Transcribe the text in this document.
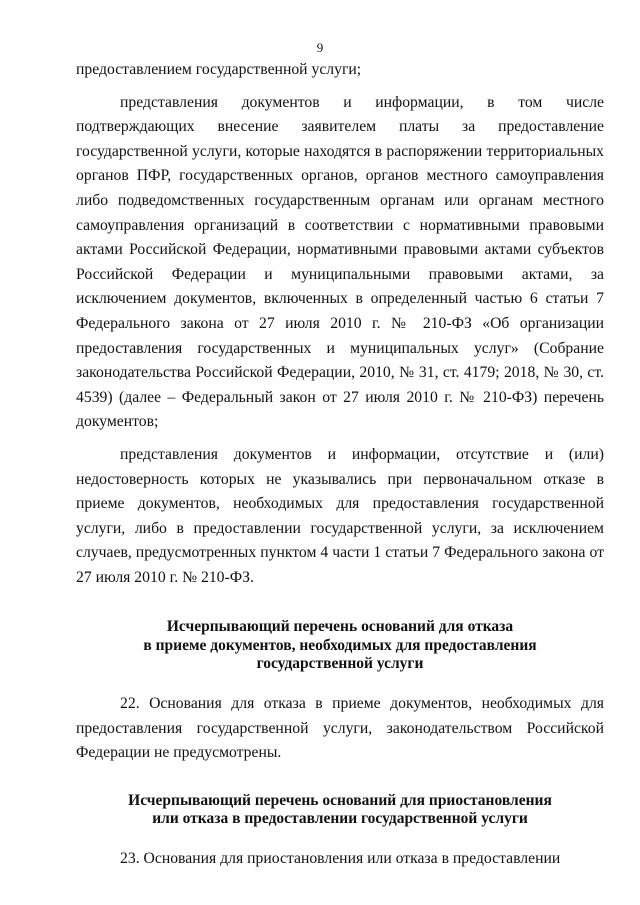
9

предоставлением государственной услуги;

представления документов и информации, в том числе подтверждающих внесение заявителем платы за предоставление государственной услуги, которые находятся в распоряжении территориальных органов ПФР, государственных органов, органов местного самоуправления либо подведомственных государственным органам или органам местного самоуправления организаций в соответствии с нормативными правовыми актами Российской Федерации, нормативными правовыми актами субъектов Российской Федерации и муниципальными правовыми актами, за исключением документов, включенных в определенный частью 6 статьи 7 Федерального закона от 27 июля 2010 г. № 210-ФЗ «Об организации предоставления государственных и муниципальных услуг» (Собрание законодательства Российской Федерации, 2010, № 31, ст. 4179; 2018, № 30, ст. 4539) (далее – Федеральный закон от 27 июля 2010 г. № 210-ФЗ) перечень документов;

представления документов и информации, отсутствие и (или) недостоверность которых не указывались при первоначальном отказе в приеме документов, необходимых для предоставления государственной услуги, либо в предоставлении государственной услуги, за исключением случаев, предусмотренных пунктом 4 части 1 статьи 7 Федерального закона от 27 июля 2010 г. № 210-ФЗ.

Исчерпывающий перечень оснований для отказа
в приеме документов, необходимых для предоставления
государственной услуги

22. Основания для отказа в приеме документов, необходимых для предоставления государственной услуги, законодательством Российской Федерации не предусмотрены.

Исчерпывающий перечень оснований для приостановления
или отказа в предоставлении государственной услуги

23. Основания для приостановления или отказа в предоставлении
